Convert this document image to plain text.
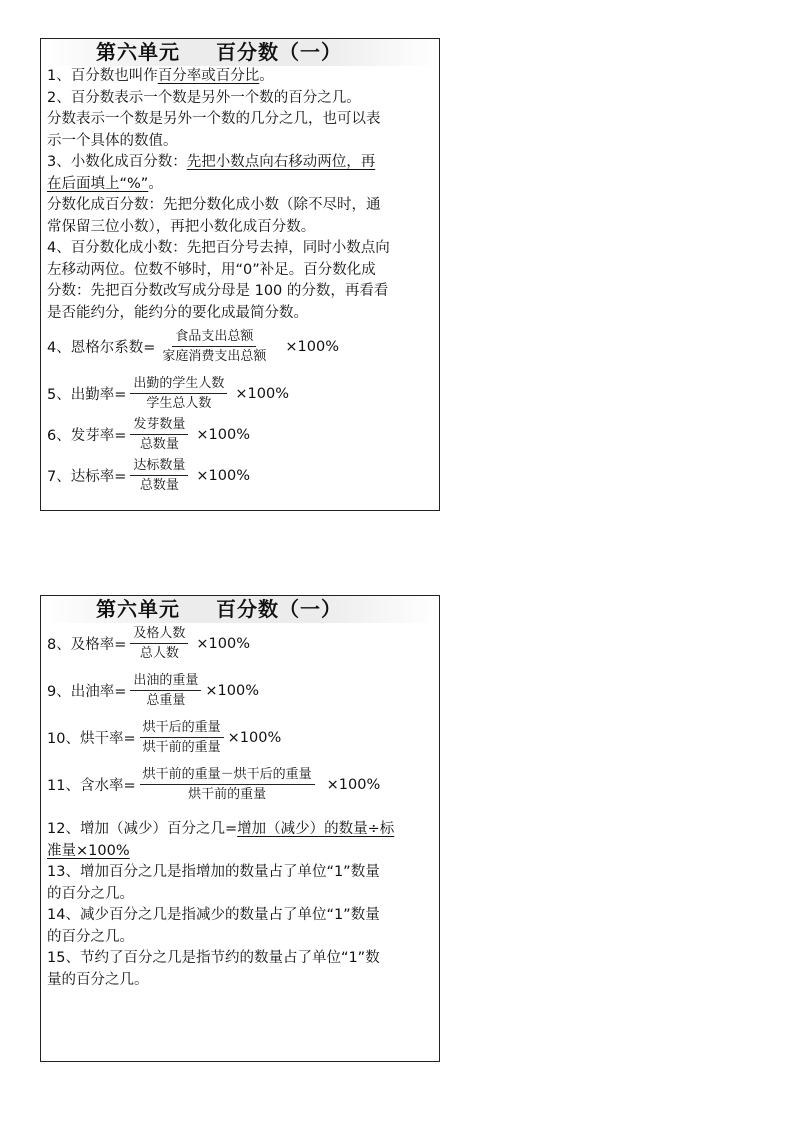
第六单元 百分数（一）
1、百分数也叫作百分率或百分比。
2、百分数表示一个数是另外一个数的百分之几。
分数表示一个数是另外一个数的几分之几，也可以表
示一个具体的数值。
3、小数化成百分数：先把小数点向右移动两位，再
在后面填上“%”。
分数化成百分数：先把分数化成小数（除不尽时，通
常保留三位小数），再把小数化成百分数。
4、百分数化成小数：先把百分号去掉，同时小数点向
左移动两位。位数不够时，用“0”补足。百分数化成
分数：先把百分数改写成分母是 100 的分数，再看看
是否能约分，能约分的要化成最简分数。
4、恩格尔系数= $\frac{\text{食品支出总额}}{\text{家庭消费支出总额}} \times 100\%$
5、出勤率= $\frac{\text{出勤的学生人数}}{\text{学生总人数}} \times 100\%$
6、发芽率= $\frac{\text{发芽数量}}{\text{总数量}} \times 100\%$
7、达标率= $\frac{\text{达标数量}}{\text{总数量}} \times 100\%$
第六单元 百分数（一）
8、及格率= $\frac{\text{及格人数}}{\text{总人数}} \times 100\%$
9、出油率= $\frac{\text{出油的重量}}{\text{总重量}} \times 100\%$
10、烘干率= $\frac{\text{烘干后的重量}}{\text{烘干前的重量}} \times 100\%$
11、含水率= $\frac{\text{烘干前的重量－烘干后的重量}}{\text{烘干前的重量}} \times 100\%$
12、增加（减少）百分之几=增加（减少）的数量÷标
准量×100%
13、增加百分之几是指增加的数量占了单位“1”数量
的百分之几。
14、减少百分之几是指减少的数量占了单位“1”数量
的百分之几。
15、节约了百分之几是指节约的数量占了单位“1”数
量的百分之几。
